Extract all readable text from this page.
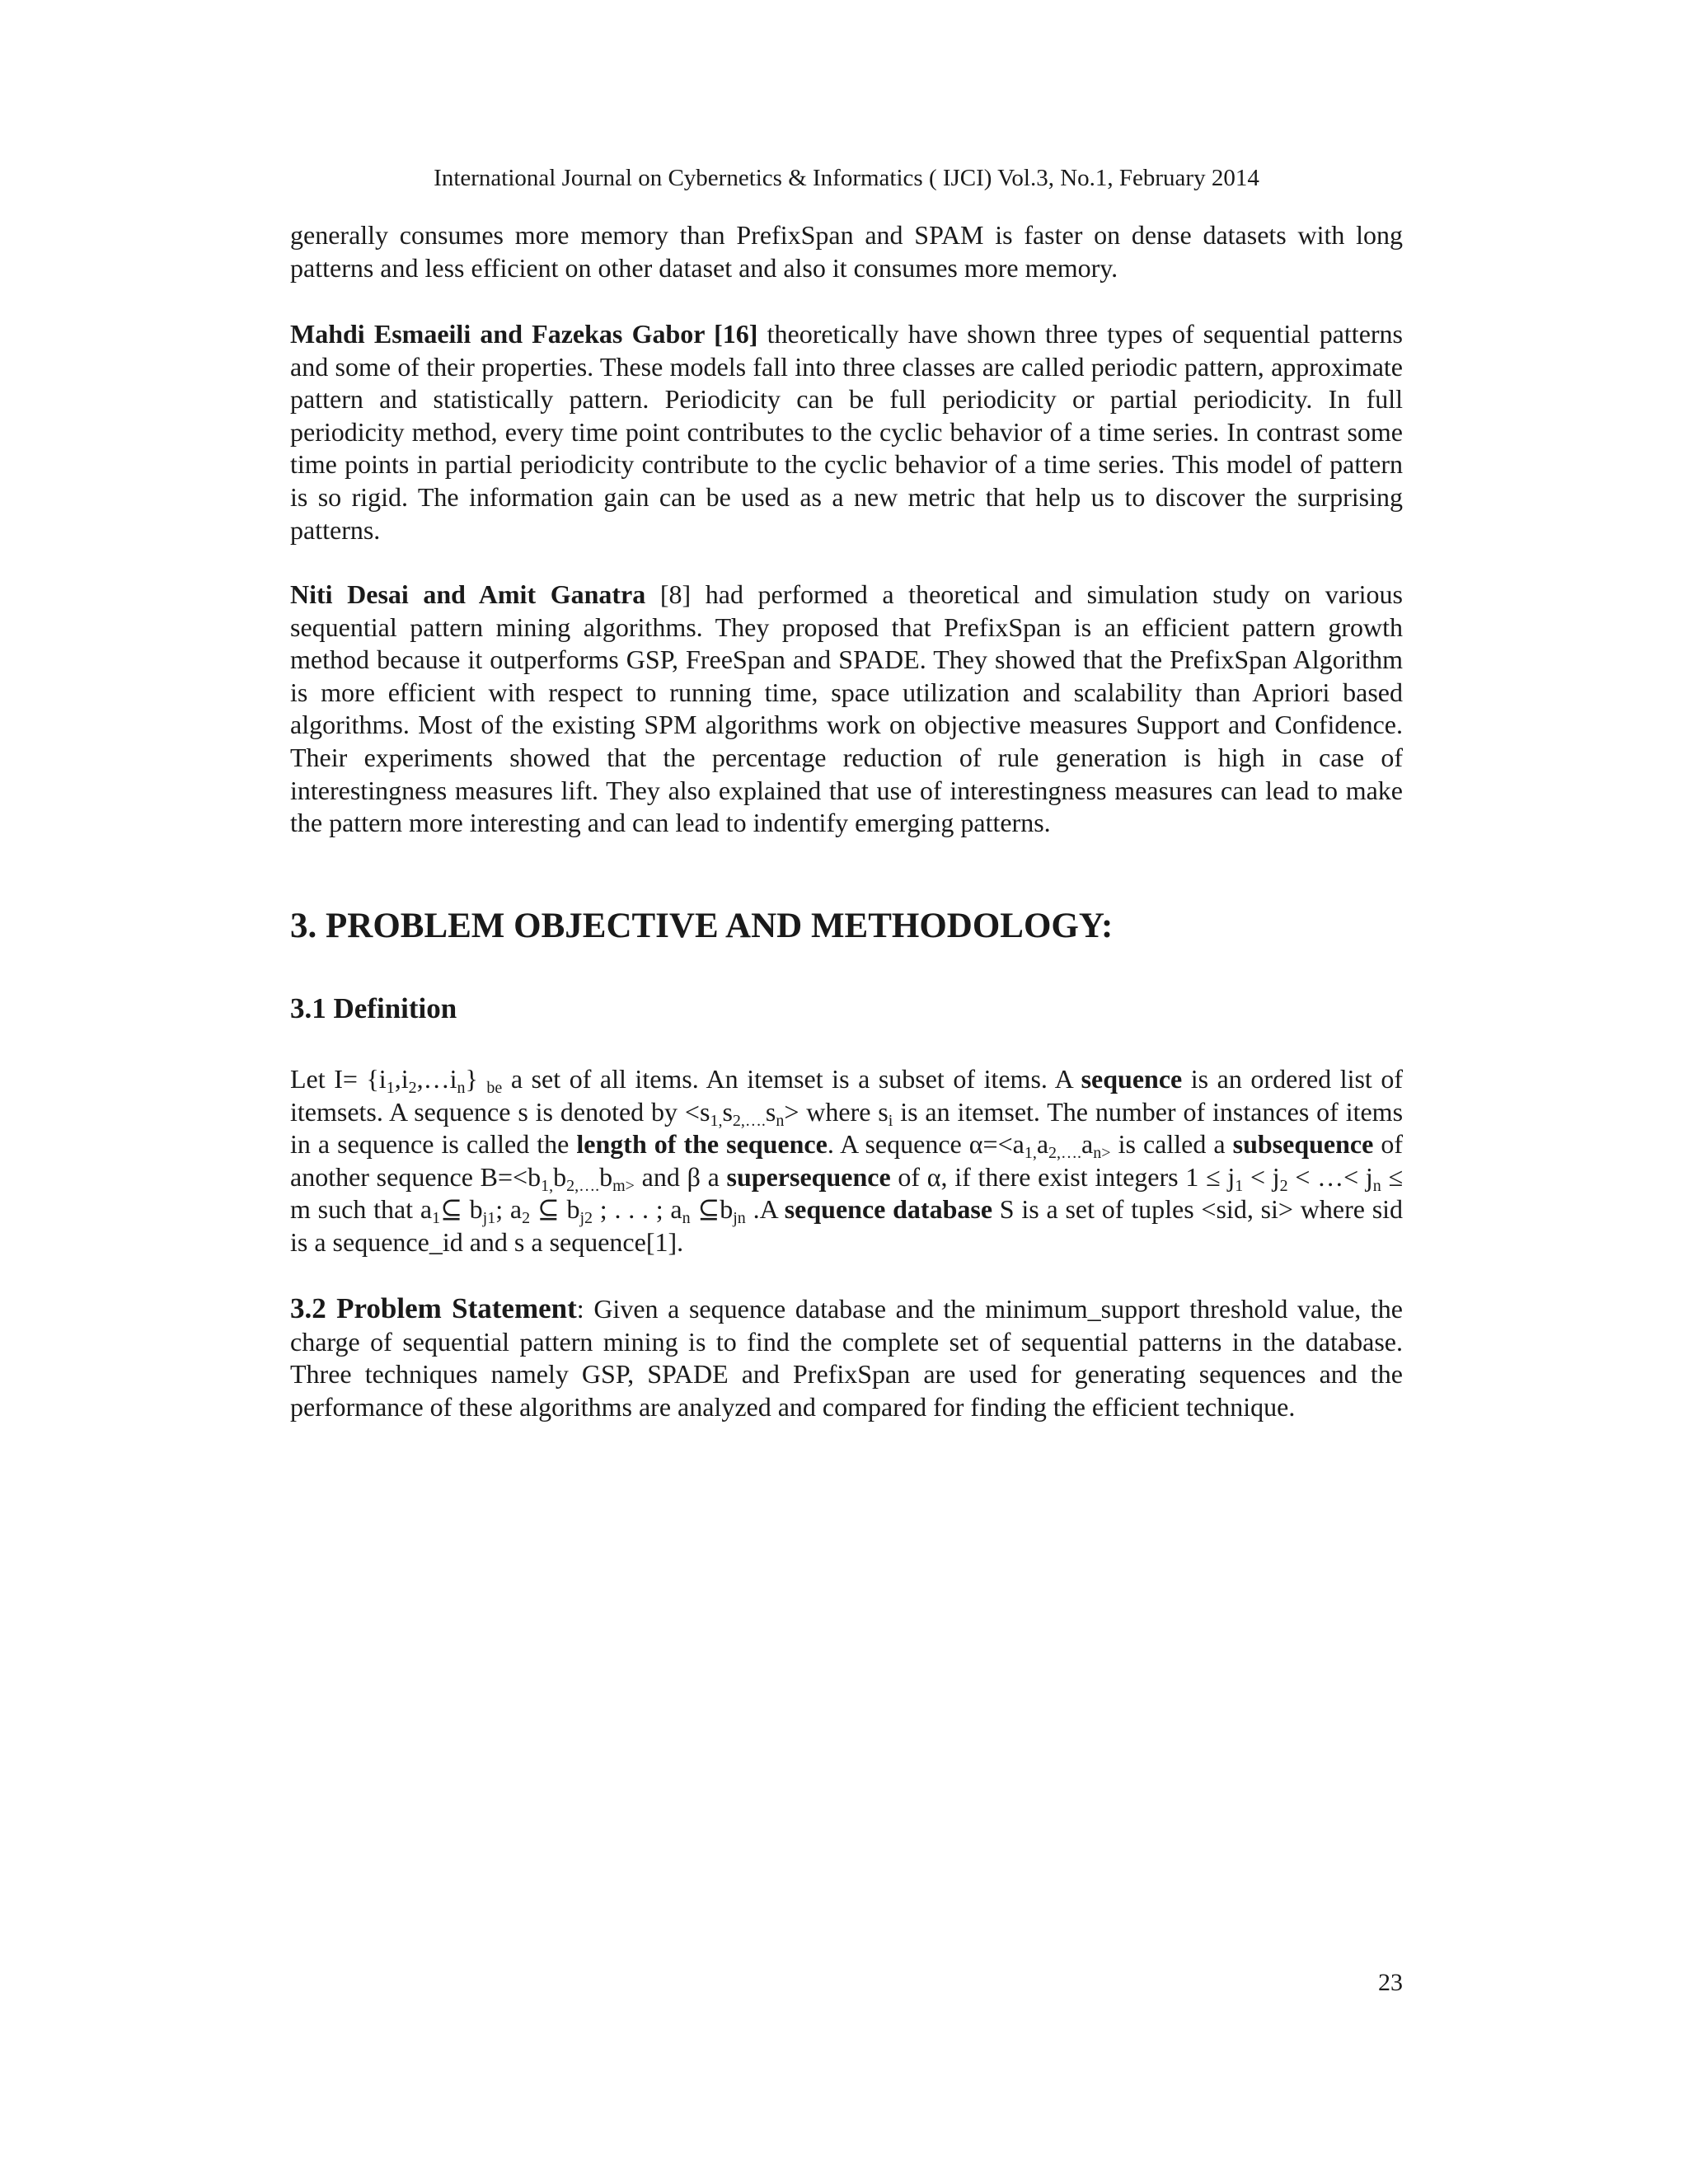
International Journal on Cybernetics & Informatics ( IJCI) Vol.3, No.1, February 2014

generally consumes more memory than PrefixSpan and SPAM is faster on dense datasets with long patterns and less efficient on other dataset and also it consumes more memory.

Mahdi Esmaeili and Fazekas Gabor [16] theoretically have shown three types of sequential patterns and some of their properties. These models fall into three classes are called periodic pattern, approximate pattern and statistically pattern. Periodicity can be full periodicity or partial periodicity. In full periodicity method, every time point contributes to the cyclic behavior of a time series. In contrast some time points in partial periodicity contribute to the cyclic behavior of a time series. This model of pattern is so rigid. The information gain can be used as a new metric that help us to discover the surprising patterns.

Niti Desai and Amit Ganatra [8] had performed a theoretical and simulation study on various sequential pattern mining algorithms. They proposed that PrefixSpan is an efficient pattern growth method because it outperforms GSP, FreeSpan and SPADE. They showed that the PrefixSpan Algorithm is more efficient with respect to running time, space utilization and scalability than Apriori based algorithms. Most of the existing SPM algorithms work on objective measures Support and Confidence. Their experiments showed that the percentage reduction of rule generation is high in case of interestingness measures lift. They also explained that use of interestingness measures can lead to make the pattern more interesting and can lead to indentify emerging patterns.

3. PROBLEM OBJECTIVE AND METHODOLOGY:
3.1 Definition

Let $I= \{i_1,i_2,\dots i_n\}$ $_{be}$ a set of all items. An itemset is a subset of items. A sequence is an ordered list of itemsets. A sequence s is denoted by $<s_{1,}s_{2,\dots.}s_n>$ where $s_i$ is an itemset. The number of instances of items in a sequence is called the length of the sequence. A sequence $\alpha=<a_{1,}a_{2,\dots.}a_{n>}$ is called a subsequence of another sequence $B=<b_{1,}b_{2,\dots.}b_{m>}$ and β a supersequence of α, if there exist integers $1 \le j_1 < j_2$ < …< $j_n \le m$ such that $a_1⊆$ $b_{j1}$; $a_2$ ⊆ $b_{j2}$ ; . . . ; $a_n$ $⊆b_{jn}$ .A sequence database S is a set of tuples <sid, si> where sid is a sequence_id and s a sequence[1].

3.2 Problem Statement: Given a sequence database and the minimum_support threshold value, the charge of sequential pattern mining is to find the complete set of sequential patterns in the database. Three techniques namely GSP, SPADE and PrefixSpan are used for generating sequences and the performance of these algorithms are analyzed and compared for finding the efficient technique.

23
